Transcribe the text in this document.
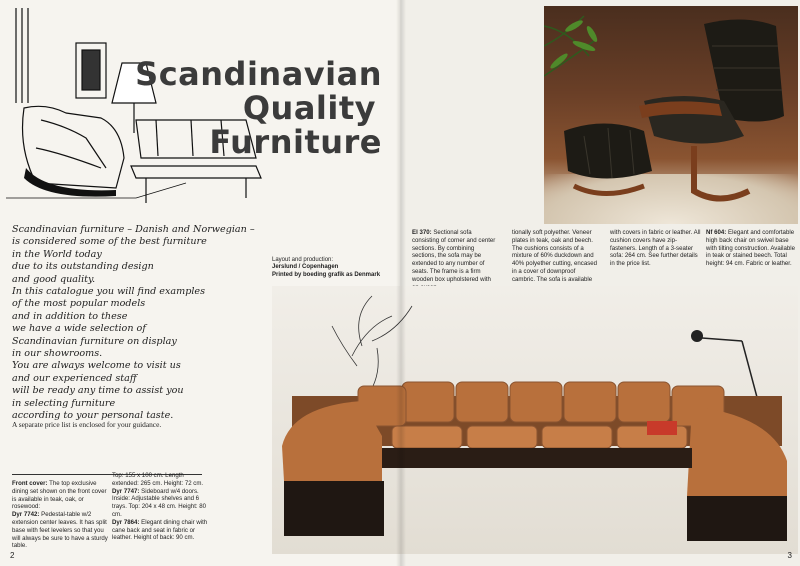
Scandinavian
Quality
Furniture
Scandinavian furniture – Danish and Norwegian –
is considered some of the best furniture
in the World today
due to its outstanding design
and good quality.
In this catalogue you will find examples
of the most popular models
and in addition to these
we have a wide selection of
Scandinavian furniture on display
in our showrooms.
You are always welcome to visit us
and our experienced staff
will be ready any time to assist you
in selecting furniture
according to your personal taste.
A separate price list is enclosed for your guidance.
Layout and production:
Jerslund / Copenhagen
Printed by boeding grafik as Denmark
Front cover: The top exclusive dining set shown on the front cover is available in teak, oak, or rosewood:
Dyr 7742: Pedestal-table w/2 extension center leaves. It has split base with feet levelers so that you will always be sure to have a sturdy table.
Top: 155 x 100 cm. Length extended: 265 cm. Height: 72 cm.
Dyr 7747: Sideboard w/4 doors. Inside: Adjustable shelves and 6 trays. Top: 204 x 48 cm. Height: 80 cm.
Dyr 7864: Elegant dining chair with cane back and seat in fabric or leather. Height of back: 90 cm.
2
El 370: Sectional sofa consisting of corner and center sections. By combining sections, the sofa may be extended to any number of seats. The frame is a firm wooden box upholstered with
tionally soft polyether. Veneer plates in teak, oak and beech. The cushions consists of a mixture of 60% duckdown and 40% polyether cutting, encased in a cover of downproof cambric. The sofa is available
with covers in fabric or leather. All cushion covers have zip-fasteners. Length of a 3-seater sofa: 264 cm. See further details in the price list.
Nf 604: Elegant and comfortable high back chair on swivel base with tilting construction. Available in teak or stained beech. Total height: 94 cm. Fabric or leather.
3
